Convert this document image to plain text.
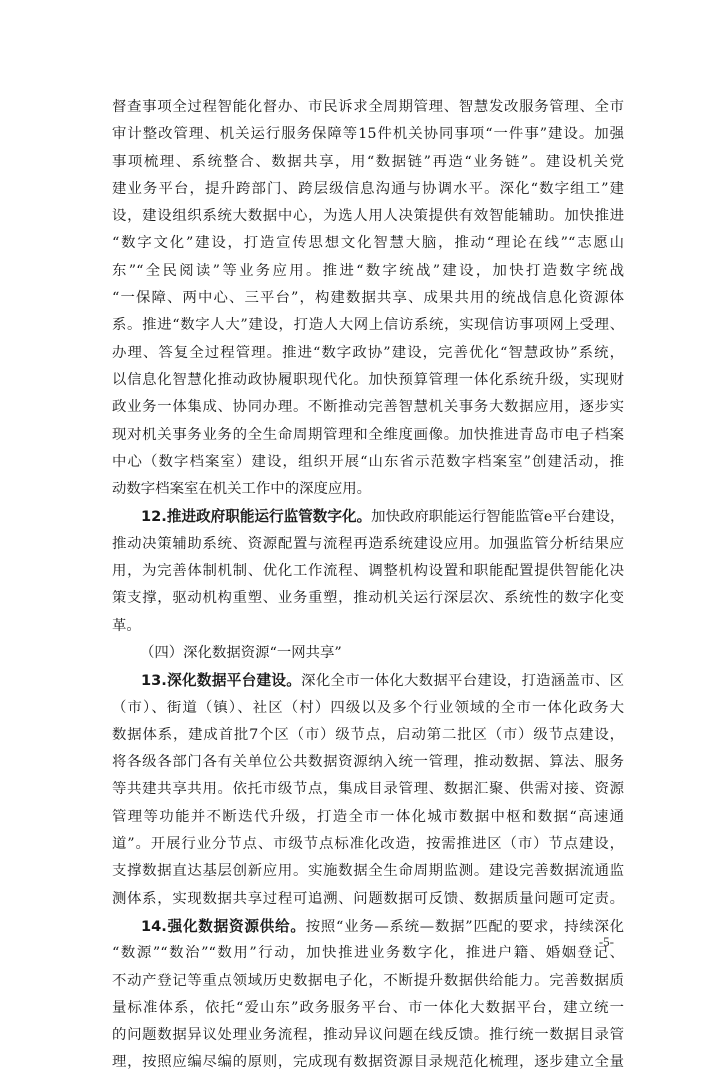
督查事项全过程智能化督办、市民诉求全周期管理、智慧发改服务管理、全市
审计整改管理、机关运行服务保障等15件机关协同事项“一件事”建设。加强
事项梳理、系统整合、数据共享，用“数据链”再造“业务链”。建设机关党
建业务平台，提升跨部门、跨层级信息沟通与协调水平。深化“数字组工”建
设，建设组织系统大数据中心，为选人用人决策提供有效智能辅助。加快推进
“数字文化”建设，打造宣传思想文化智慧大脑，推动“理论在线”“志愿山
东”“全民阅读”等业务应用。推进“数字统战”建设，加快打造数字统战
“一保障、两中心、三平台”，构建数据共享、成果共用的统战信息化资源体
系。推进“数字人大”建设，打造人大网上信访系统，实现信访事项网上受理、
办理、答复全过程管理。推进“数字政协”建设，完善优化“智慧政协”系统，
以信息化智慧化推动政协履职现代化。加快预算管理一体化系统升级，实现财
政业务一体集成、协同办理。不断推动完善智慧机关事务大数据应用，逐步实
现对机关事务业务的全生命周期管理和全维度画像。加快推进青岛市电子档案
中心（数字档案室）建设，组织开展“山东省示范数字档案室”创建活动，推
动数字档案室在机关工作中的深度应用。
12.推进政府职能运行监管数字化。加快政府职能运行智能监管e平台建设，
推动决策辅助系统、资源配置与流程再造系统建设应用。加强监管分析结果应
用，为完善体制机制、优化工作流程、调整机构设置和职能配置提供智能化决
策支撑，驱动机构重塑、业务重塑，推动机关运行深层次、系统性的数字化变
革。
（四）深化数据资源“一网共享”
13.深化数据平台建设。深化全市一体化大数据平台建设，打造涵盖市、区
（市）、街道（镇）、社区（村）四级以及多个行业领域的全市一体化政务大
数据体系，建成首批7个区（市）级节点，启动第二批区（市）级节点建设，
将各级各部门各有关单位公共数据资源纳入统一管理，推动数据、算法、服务
等共建共享共用。依托市级节点，集成目录管理、数据汇聚、供需对接、资源
管理等功能并不断迭代升级，打造全市一体化城市数据中枢和数据“高速通
道”。开展行业分节点、市级节点标准化改造，按需推进区（市）节点建设，
支撑数据直达基层创新应用。实施数据全生命周期监测。建设完善数据流通监
测体系，实现数据共享过程可追溯、问题数据可反馈、数据质量问题可定责。
14.强化数据资源供给。按照“业务—系统—数据”匹配的要求，持续深化
“数源”“数治”“数用”行动，加快推进业务数字化，推进户籍、婚姻登记、
不动产登记等重点领域历史数据电子化，不断提升数据供给能力。完善数据质
量标准体系，依托“爱山东”政务服务平台、市一体化大数据平台，建立统一
的问题数据异议处理业务流程，推动异议问题在线反馈。推行统一数据目录管
理，按照应编尽编的原则，完成现有数据资源目录规范化梳理，逐步建立全量
-5-
